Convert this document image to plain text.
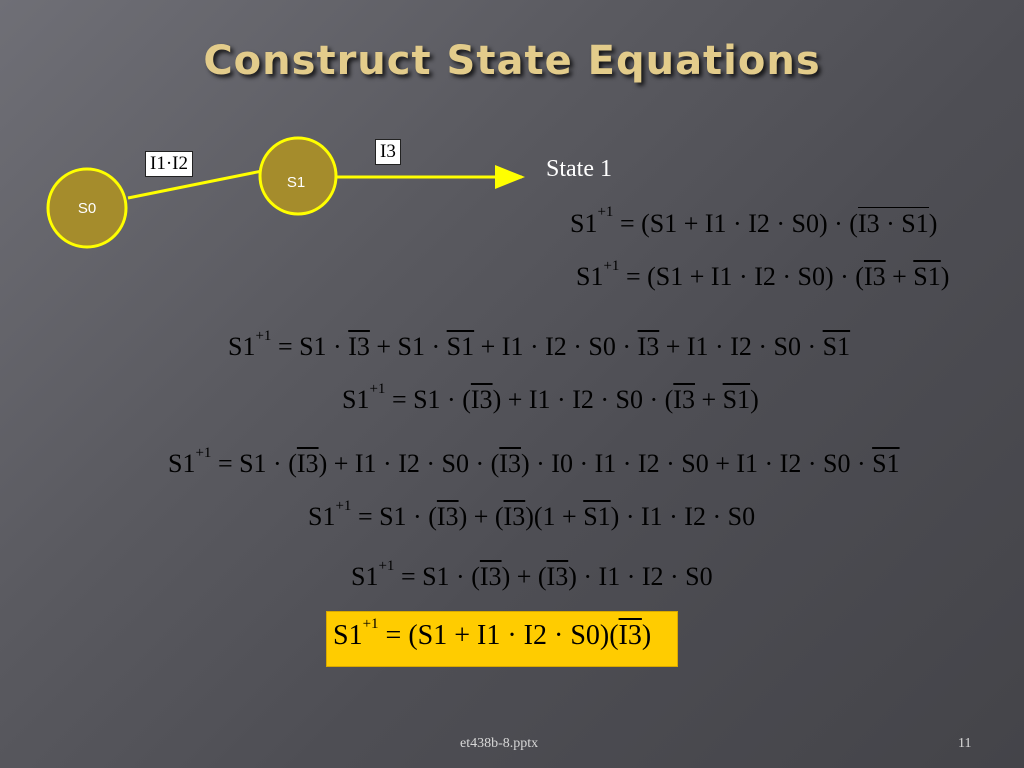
Construct State Equations
S0
S1
I1·I2
I3
State 1
$S1^{+1} = (S1 + I1 \cdot I2 \cdot S0) \cdot (I3 \cdot S1)$
$S1^{+1} = (S1 + I1 \cdot I2 \cdot S0) \cdot (I3 + S1)$
$S1^{+1} = S1 \cdot I3 + S1 \cdot S1 + I1 \cdot I2 \cdot S0 \cdot I3 + I1 \cdot I2 \cdot S0 \cdot S1$
$S1^{+1} = S1 \cdot (I3) + I1 \cdot I2 \cdot S0 \cdot (I3 + S1)$
$S1^{+1} = S1 \cdot (I3) + I1 \cdot I2 \cdot S0 \cdot (I3) \cdot I0 \cdot I1 \cdot I2 \cdot S0 + I1 \cdot I2 \cdot S0 \cdot S1$
$S1^{+1} = S1 \cdot (I3) + (I3)(1 + S1) \cdot I1 \cdot I2 \cdot S0$
$S1^{+1} = S1 \cdot (I3) + (I3) \cdot I1 \cdot I2 \cdot S0$
$S1^{+1} = (S1 + I1 \cdot I2 \cdot S0)(I3)$
et438b-8.pptx	11
